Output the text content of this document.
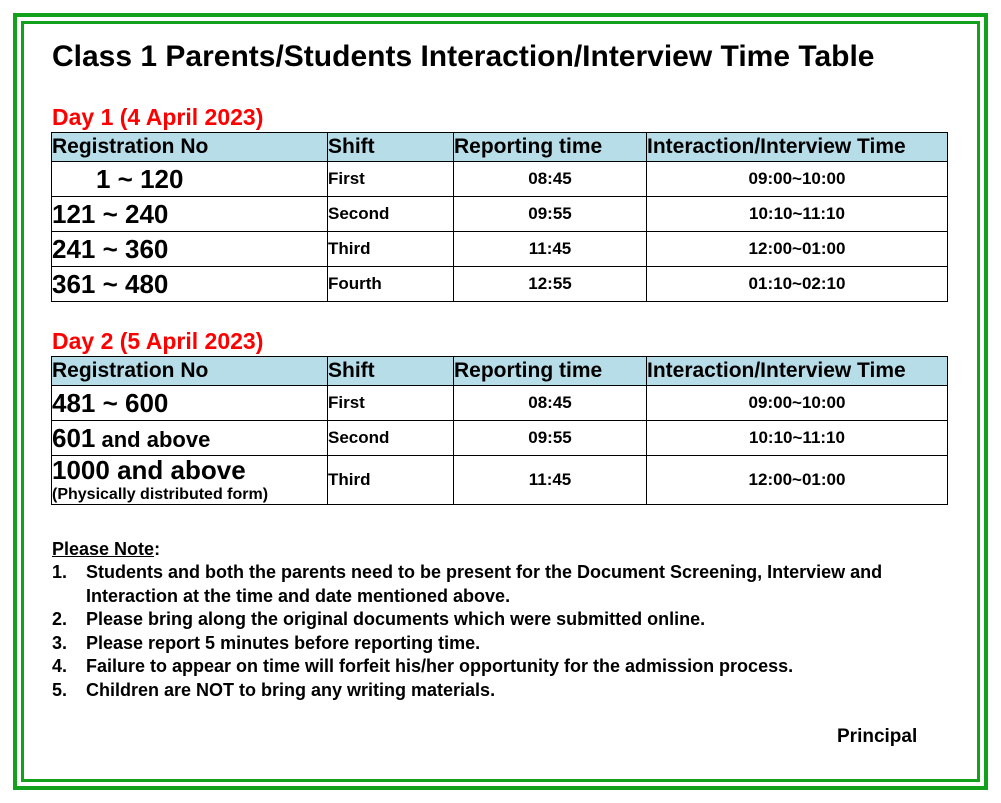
Class 1 Parents/Students Interaction/Interview Time Table
Day 1 (4 April 2023)
Registration No	Shift	Reporting time	Interaction/Interview Time
1 ~ 120	First	08:45	09:00~10:00
121 ~ 240	Second	09:55	10:10~11:10
241 ~ 360	Third	11:45	12:00~01:00
361 ~ 480	Fourth	12:55	01:10~02:10
Day 2 (5 April 2023)
Registration No	Shift	Reporting time	Interaction/Interview Time
481 ~ 600	First	08:45	09:00~10:00
601 and above	Second	09:55	10:10~11:10

1000 and above
(Physically distributed form)	Third	11:45	12:00~01:00
Please Note:
1. Students and both the parents need to be present for the Document Screening, Interview and Interaction at the time and date mentioned above.
2. Please bring along the original documents which were submitted online.
3. Please report 5 minutes before reporting time.
4. Failure to appear on time will forfeit his/her opportunity for the admission process.
5. Children are NOT to bring any writing materials.
Principal
